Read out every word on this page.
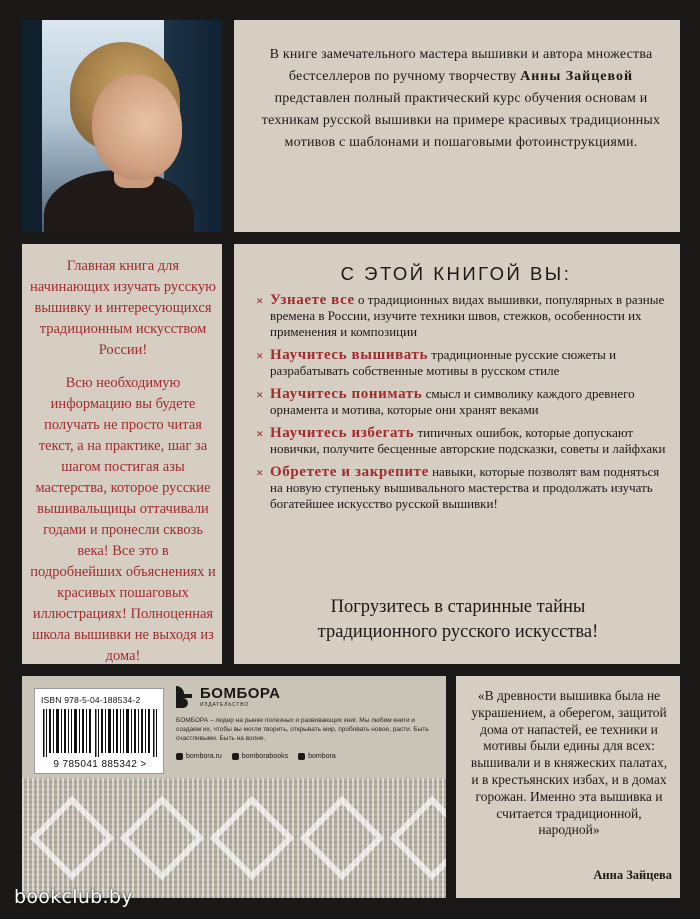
В книге замечательного мастера вышивки и автора множества бестселлеров по ручному творчеству Анны Зайцевой представлен полный практический курс обучения основам и техникам русской вышивки на примере красивых традиционных мотивов с шаблонами и пошаговыми фотоинструкциями.

Главная книга для начинающих изучать русскую вышивку и интересующихся традиционным искусством России!

Всю необходимую информацию вы будете получать не просто читая текст, а на практике, шаг за шагом постигая азы мастерства, которое русские вышивальщицы оттачивали годами и пронесли сквозь века! Все это в подробнейших объяснениях и красивых пошаговых иллюстрациях! Полноценная школа вышивки не выходя из дома!

С ЭТОЙ КНИГОЙ ВЫ:
× Узнаете все о традиционных видах вышивки, популярных в разные времена в России, изучите техники швов, стежков, особенности их применения и композиции
× Научитесь вышивать традиционные русские сюжеты и разрабатывать собственные мотивы в русском стиле
× Научитесь понимать смысл и символику каждого древнего орнамента и мотива, которые они хранят веками
× Научитесь избегать типичных ошибок, которые допускают новички, получите бесценные авторские подсказки, советы и лайфхаки
× Обретете и закрепите навыки, которые позволят вам подняться на новую ступеньку вышивального мастерства и продолжать изучать богатейшее искусство русской вышивки!
Погрузитесь в старинные тайны
традиционного русского искусства!
ISBN 978-5-04-188534-2
9 785041 885342 >
БОМБОРА
ИЗДАТЕЛЬСТВО
БОМБОРА – лидер на рынке полезных и развивающих книг. Мы любим книги и создаем их, чтобы вы могли творить, открывать мир, пробовать новое, расти. Быть счастливыми. Быть на волне.
bombora.ru	bomborabooks	bombora
«В древности вышивка была не украшением, а оберегом, защитой дома от напастей, ее техники и мотивы были едины для всех: вышивали и в княжеских палатах, и в крестьянских избах, и в домах горожан. Именно эта вышивка и считается традиционной, народной»
Анна Зайцева
bookclub.by
